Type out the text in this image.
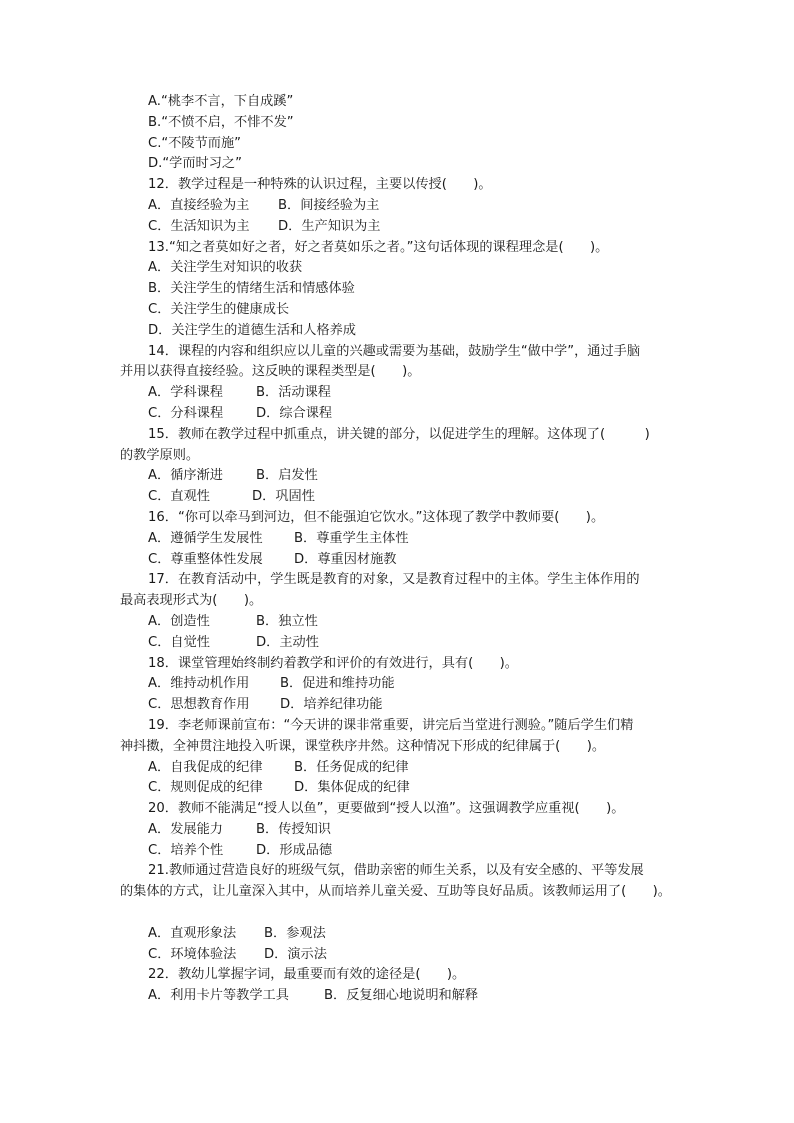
A.“桃李不言，下自成蹊”
B.“不愤不启，不悱不发”
C.“不陵节而施”
D.“学而时习之”
12．教学过程是一种特殊的认识过程，主要以传授(　　)。
A．直接经验为主 B．间接经验为主
C．生活知识为主 D．生产知识为主
13.“知之者莫如好之者，好之者莫如乐之者。”这句话体现的课程理念是(　　)。
A．关注学生对知识的收获
B．关注学生的情绪生活和情感体验
C．关注学生的健康成长
D．关注学生的道德生活和人格养成
14．课程的内容和组织应以儿童的兴趣或需要为基础，鼓励学生“做中学”，通过手脑
并用以获得直接经验。这反映的课程类型是(　　)。
A．学科课程	B．活动课程
C．分科课程 D．综合课程
15．教师在教学过程中抓重点，讲关键的部分，以促进学生的理解。这体现了(　　　)
的教学原则。
A．循序渐进	B．启发性
C．直观性	D．巩固性
16．“你可以牵马到河边，但不能强迫它饮水。”这体现了教学中教师要(　　)。
A．遵循学生发展性 B．尊重学生主体性
C．尊重整体性发展 D．尊重因材施教
17．在教育活动中，学生既是教育的对象，又是教育过程中的主体。学生主体作用的
最高表现形式为(　　)。
A．创造性	B．独立性
C．自觉性	D．主动性
18．课堂管理始终制约着教学和评价的有效进行，具有(　　)。
A．维持动机作用 B．促进和维持功能
C．思想教育作用 D．培养纪律功能
19．李老师课前宣布：“今天讲的课非常重要，讲完后当堂进行测验。”随后学生们精
神抖擞，全神贯注地投入听课，课堂秩序井然。这种情况下形成的纪律属于(　　)。
A．自我促成的纪律 B．任务促成的纪律
C．规则促成的纪律 D．集体促成的纪律
20．教师不能满足“授人以鱼”，更要做到“授人以渔”。这强调教学应重视(　　)。
A．发展能力	B．传授知识
C．培养个性 D．形成品德
21.教师通过营造良好的班级气氛，借助亲密的师生关系，以及有安全感的、平等发展
的集体的方式，让儿童深入其中，从而培养儿童关爱、互助等良好品质。该教师运用了(　　)。
A．直观形象法 B．参观法
C．环境体验法 D．演示法
22．教幼儿掌握字词，最重要而有效的途径是(　　)。
A．利用卡片等教学工具	B．反复细心地说明和解释
